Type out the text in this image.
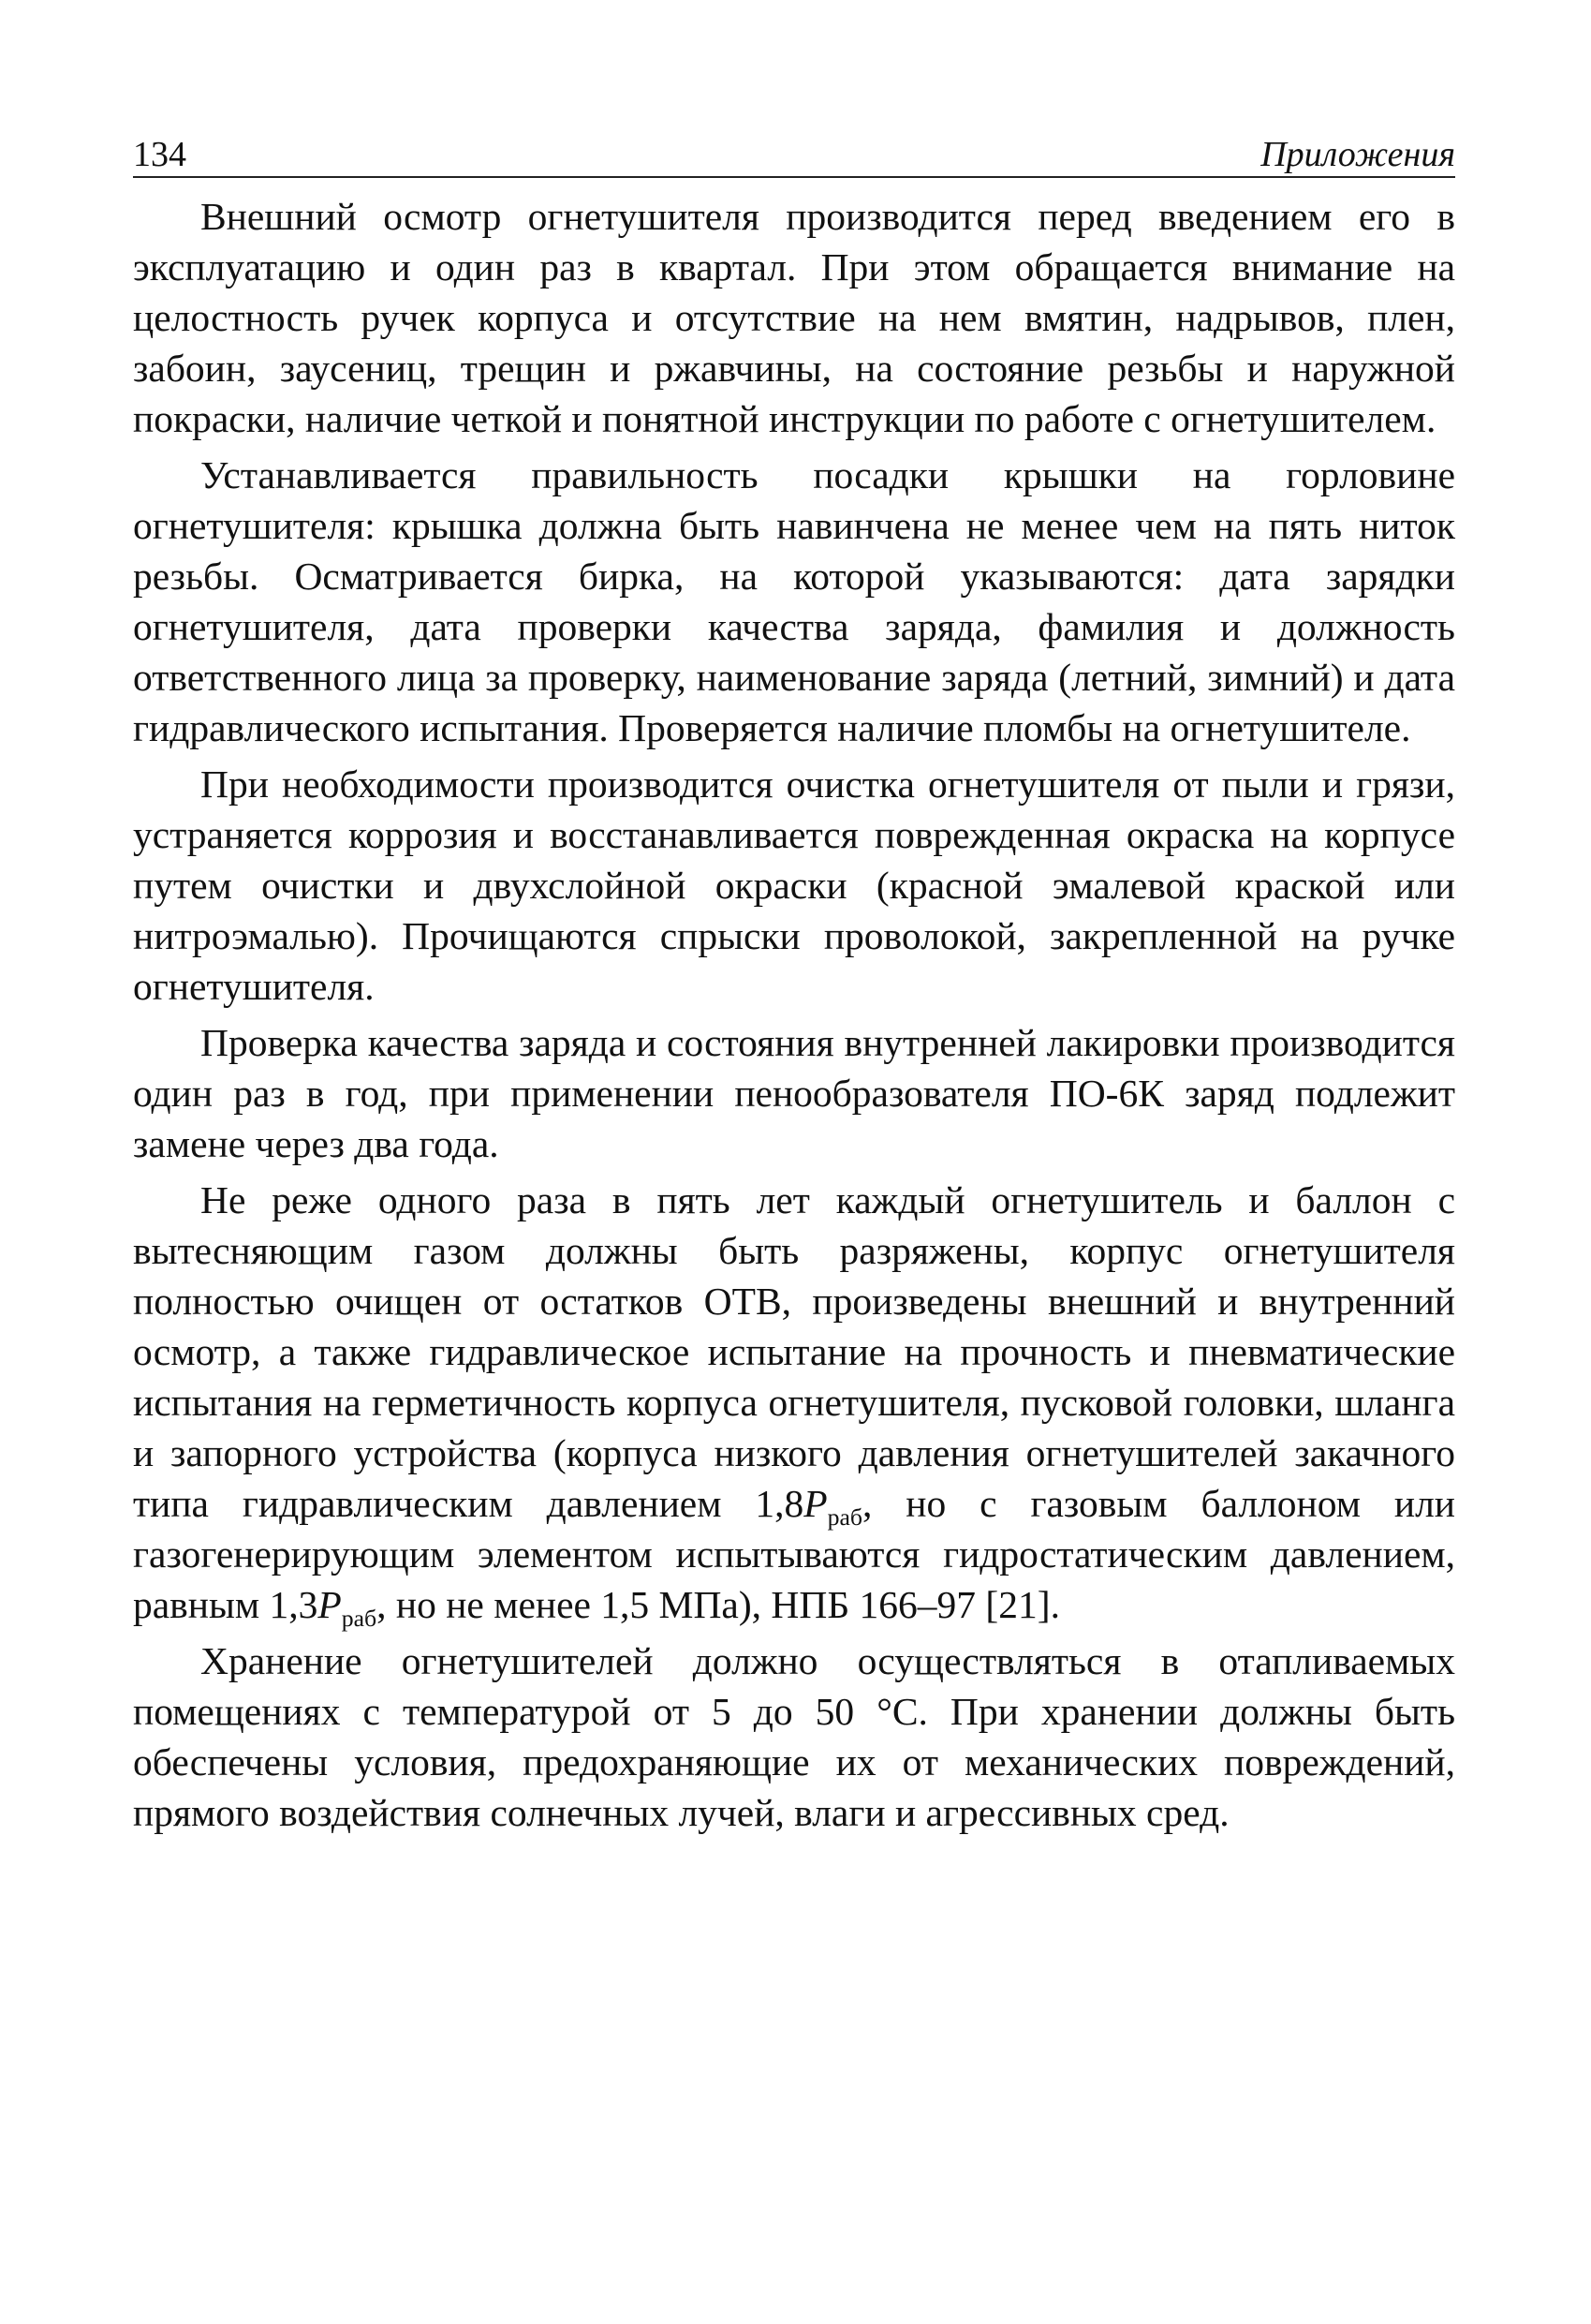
134	Приложения

Внешний осмотр огнетушителя производится перед введением его в эксплуатацию и один раз в квартал. При этом обращается внимание на целостность ручек корпуса и отсутствие на нем вмятин, надрывов, плен, забоин, заусениц, трещин и ржавчины, на состояние резьбы и наружной покраски, наличие четкой и понятной инструкции по работе с огнетушителем.

Устанавливается правильность посадки крышки на горловине огнетушителя: крышка должна быть навинчена не менее чем на пять ниток резьбы. Осматривается бирка, на которой указываются: дата зарядки огнетушителя, дата проверки качества заряда, фамилия и должность ответственного лица за проверку, наименование заряда (летний, зимний) и дата гидравлического испытания. Проверяется наличие пломбы на огнетушителе.

При необходимости производится очистка огнетушителя от пыли и грязи, устраняется коррозия и восстанавливается поврежденная окраска на корпусе путем очистки и двухслойной окраски (красной эмалевой краской или нитроэмалью). Прочищаются спрыски проволокой, закрепленной на ручке огнетушителя.

Проверка качества заряда и состояния внутренней лакировки производится один раз в год, при применении пенообразователя ПО-6К заряд подлежит замене через два года.

Не реже одного раза в пять лет каждый огнетушитель и баллон с вытесняющим газом должны быть разряжены, корпус огнетушителя полностью очищен от остатков ОТВ, произведены внешний и внутренний осмотр, а также гидравлическое испытание на прочность и пневматические испытания на герметичность корпуса огнетушителя, пусковой головки, шланга и запорного устройства (корпуса низкого давления огнетушителей закачного типа гидравлическим давлением $1,8P_{раб}$, но с газовым баллоном или газогенерирующим элементом испытываются гидростатическим давлением, равным $1,3P_{раб}$, но не менее 1,5 МПа), НПБ 166–97 [21].

Хранение огнетушителей должно осуществляться в отапливаемых помещениях с температурой от 5 до 50 °C. При хранении должны быть обеспечены условия, предохраняющие их от механических повреждений, прямого воздействия солнечных лучей, влаги и агрессивных сред.
